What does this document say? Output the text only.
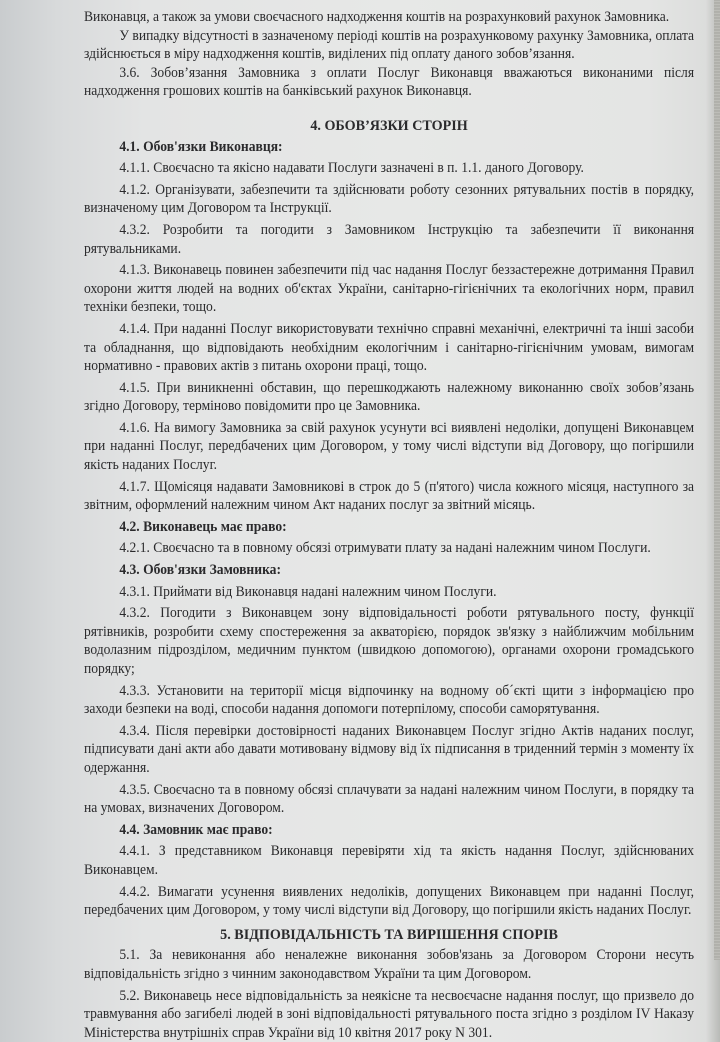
Виконавця, а також за умови своєчасного надходження коштів на розрахунковий рахунок Замовника.

У випадку відсутності в зазначеному періоді коштів на розрахунковому рахунку Замовника, оплата здійснюється в міру надходження коштів, виділених під оплату даного зобов’язання.

3.6. Зобов’язання Замовника з оплати Послуг Виконавця вважаються виконаними після надходження грошових коштів на банківський рахунок Виконавця.

4. ОБОВ’ЯЗКИ СТОРІН

4.1. Обов'язки Виконавця:

4.1.1. Своєчасно та якісно надавати Послуги зазначені в п. 1.1. даного Договору.

4.1.2. Організувати, забезпечити та здійснювати роботу сезонних рятувальних постів в порядку, визначеному цим Договором та Інструкції.

4.3.2. Розробити та погодити з Замовником Інструкцію та забезпечити її виконання рятувальниками.

4.1.3. Виконавець повинен забезпечити під час надання Послуг беззастережне дотримання Правил охорони життя людей на водних об'єктах України, санітарно-гігієнічних та екологічних норм, правил техніки безпеки, тощо.

4.1.4. При наданні Послуг використовувати технічно справні механічні, електричні та інші засоби та обладнання, що відповідають необхідним екологічним і санітарно-гігієнічним умовам, вимогам нормативно - правових актів з питань охорони праці, тощо.

4.1.5. При виникненні обставин, що перешкоджають належному виконанню своїх зобов’язань згідно Договору, терміново повідомити про це Замовника.

4.1.6. На вимогу Замовника за свій рахунок усунути всі виявлені недоліки, допущені Виконавцем при наданні Послуг, передбачених цим Договором, у тому числі відступи від Договору, що погіршили якість наданих Послуг.

4.1.7. Щомісяця надавати Замовникові в строк до 5 (п'ятого) числа кожного місяця, наступного за звітним, оформлений належним чином Акт наданих послуг за звітний місяць.

4.2. Виконавець має право:

4.2.1. Своєчасно та в повному обсязі отримувати плату за надані належним чином Послуги.

4.3. Обов'язки Замовника:

4.3.1. Приймати від Виконавця надані належним чином Послуги.

4.3.2. Погодити з Виконавцем зону відповідальності роботи рятувального посту, функції рятівників, розробити схему спостереження за акваторією, порядок зв'язку з найближчим мобільним водолазним підрозділом, медичним пунктом (швидкою допомогою), органами охорони громадського порядку;

4.3.3. Установити на території місця відпочинку на водному об´єкті щити з інформацією про заходи безпеки на воді, способи надання допомоги потерпілому, способи саморятування.

4.3.4. Після перевірки достовірності наданих Виконавцем Послуг згідно Актів наданих послуг, підписувати дані акти або давати мотивовану відмову від їх підписання в триденний термін з моменту їх одержання.

4.3.5. Своєчасно та в повному обсязі сплачувати за надані належним чином Послуги, в порядку та на умовах, визначених Договором.

4.4. Замовник має право:

4.4.1. З представником Виконавця перевіряти хід та якість надання Послуг, здійснюваних Виконавцем.

4.4.2. Вимагати усунення виявлених недоліків, допущених Виконавцем при наданні Послуг, передбачених цим Договором, у тому числі відступи від Договору, що погіршили якість наданих Послуг.

5. ВІДПОВІДАЛЬНІСТЬ ТА ВИРІШЕННЯ СПОРІВ

5.1. За невиконання або неналежне виконання зобов'язань за Договором Сторони несуть відповідальність згідно з чинним законодавством України та цим Договором.

5.2. Виконавець несе відповідальність за неякісне та несвоєчасне надання послуг, що призвело до травмування або загибелі людей в зоні відповідальності рятувального поста згідно з розділом IV Наказу Міністерства внутрішніх справ України від 10 квітня 2017 року N 301.
